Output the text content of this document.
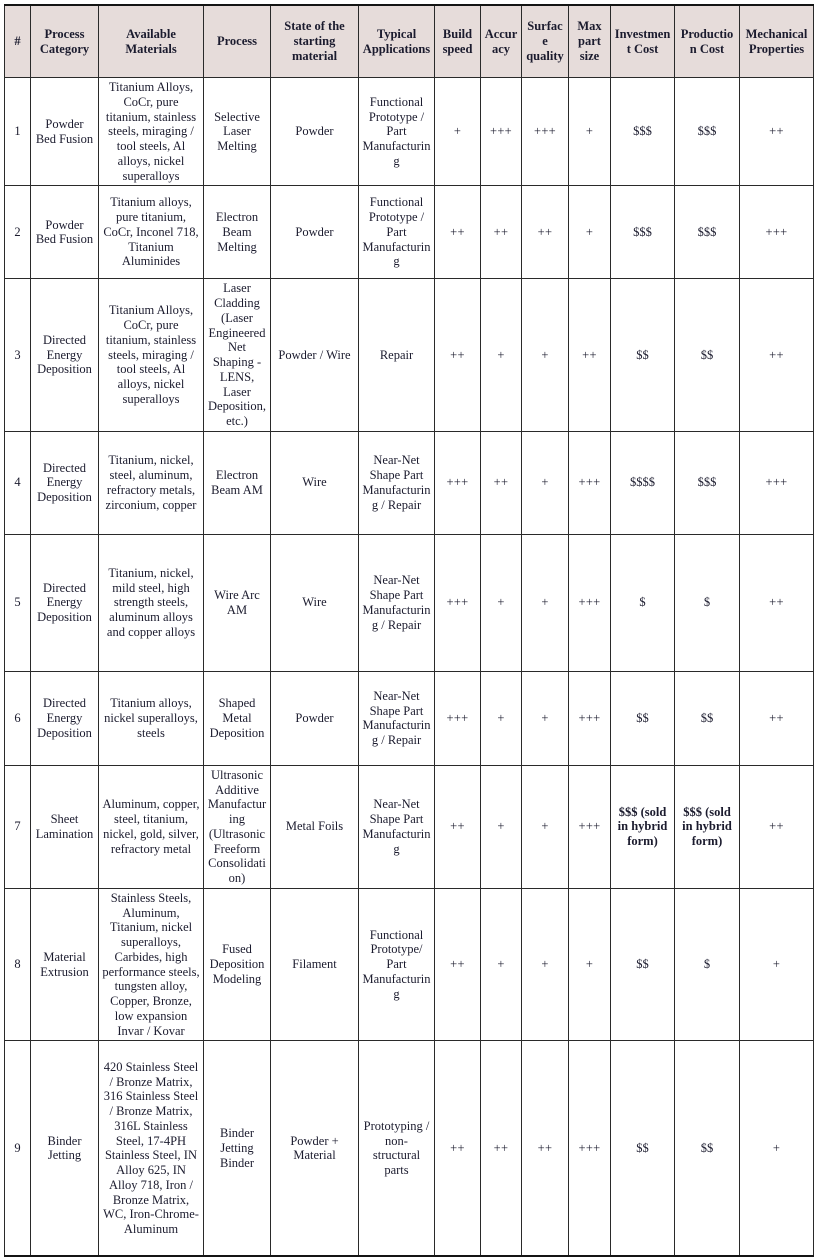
#	Process Category	Available Materials	Process	State of the starting material	Typical Applications	Build speed	Accuracy	Surface quality	Max part size	Investment Cost	Production Cost	Mechanical Properties
1	Powder Bed Fusion	Titanium Alloys, CoCr, pure titanium, stainless steels, miraging / tool steels, Al alloys, nickel superalloys	Selective Laser Melting	Powder	Functional Prototype / Part Manufacturing	+	+++	+++	+	$$$	$$$	++
2	Powder Bed Fusion	Titanium alloys, pure titanium, CoCr, Inconel 718, Titanium Aluminides	Electron Beam Melting	Powder	Functional Prototype / Part Manufacturing	++	++	++	+	$$$	$$$	+++
3	Directed Energy Deposition	Titanium Alloys, CoCr, pure titanium, stainless steels, miraging / tool steels, Al alloys, nickel superalloys	Laser Cladding (Laser Engineered Net Shaping -LENS, Laser Deposition, etc.)	Powder / Wire	Repair	++	+	+	++	$$	$$	++
4	Directed Energy Deposition	Titanium, nickel, steel, aluminum, refractory metals, zirconium, copper	Electron Beam AM	Wire	Near-Net Shape Part Manufacturing / Repair	+++	++	+	+++	$$$$	$$$	+++
5	Directed Energy Deposition	Titanium, nickel, mild steel, high strength steels, aluminum alloys and copper alloys	Wire Arc AM	Wire	Near-Net Shape Part Manufacturing / Repair	+++	+	+	+++	$	$	++
6	Directed Energy Deposition	Titanium alloys, nickel superalloys, steels	Shaped Metal Deposition	Powder	Near-Net Shape Part Manufacturing / Repair	+++	+	+	+++	$$	$$	++
7	Sheet Lamination	Aluminum, copper, steel, titanium, nickel, gold, silver, refractory metal	Ultrasonic Additive Manufacturing (Ultrasonic Freeform Consolidation)	Metal Foils	Near-Net Shape Part Manufacturing	++	+	+	+++	$$$ (sold in hybrid form)	$$$ (sold in hybrid form)	++
8	Material Extrusion	Stainless Steels, Aluminum, Titanium, nickel superalloys, Carbides, high performance steels, tungsten alloy, Copper, Bronze, low expansion Invar / Kovar	Fused Deposition Modeling	Filament	Functional Prototype/ Part Manufacturing	++	+	+	+	$$	$	+
9	Binder Jetting	420 Stainless Steel / Bronze Matrix, 316 Stainless Steel / Bronze Matrix, 316L Stainless Steel, 17-4PH Stainless Steel, IN Alloy 625, IN Alloy 718, Iron / Bronze Matrix, WC, Iron-Chrome-Aluminum	Binder Jetting Binder	Powder + Material	Prototyping / non-structural parts	++	++	++	+++	$$	$$	+
